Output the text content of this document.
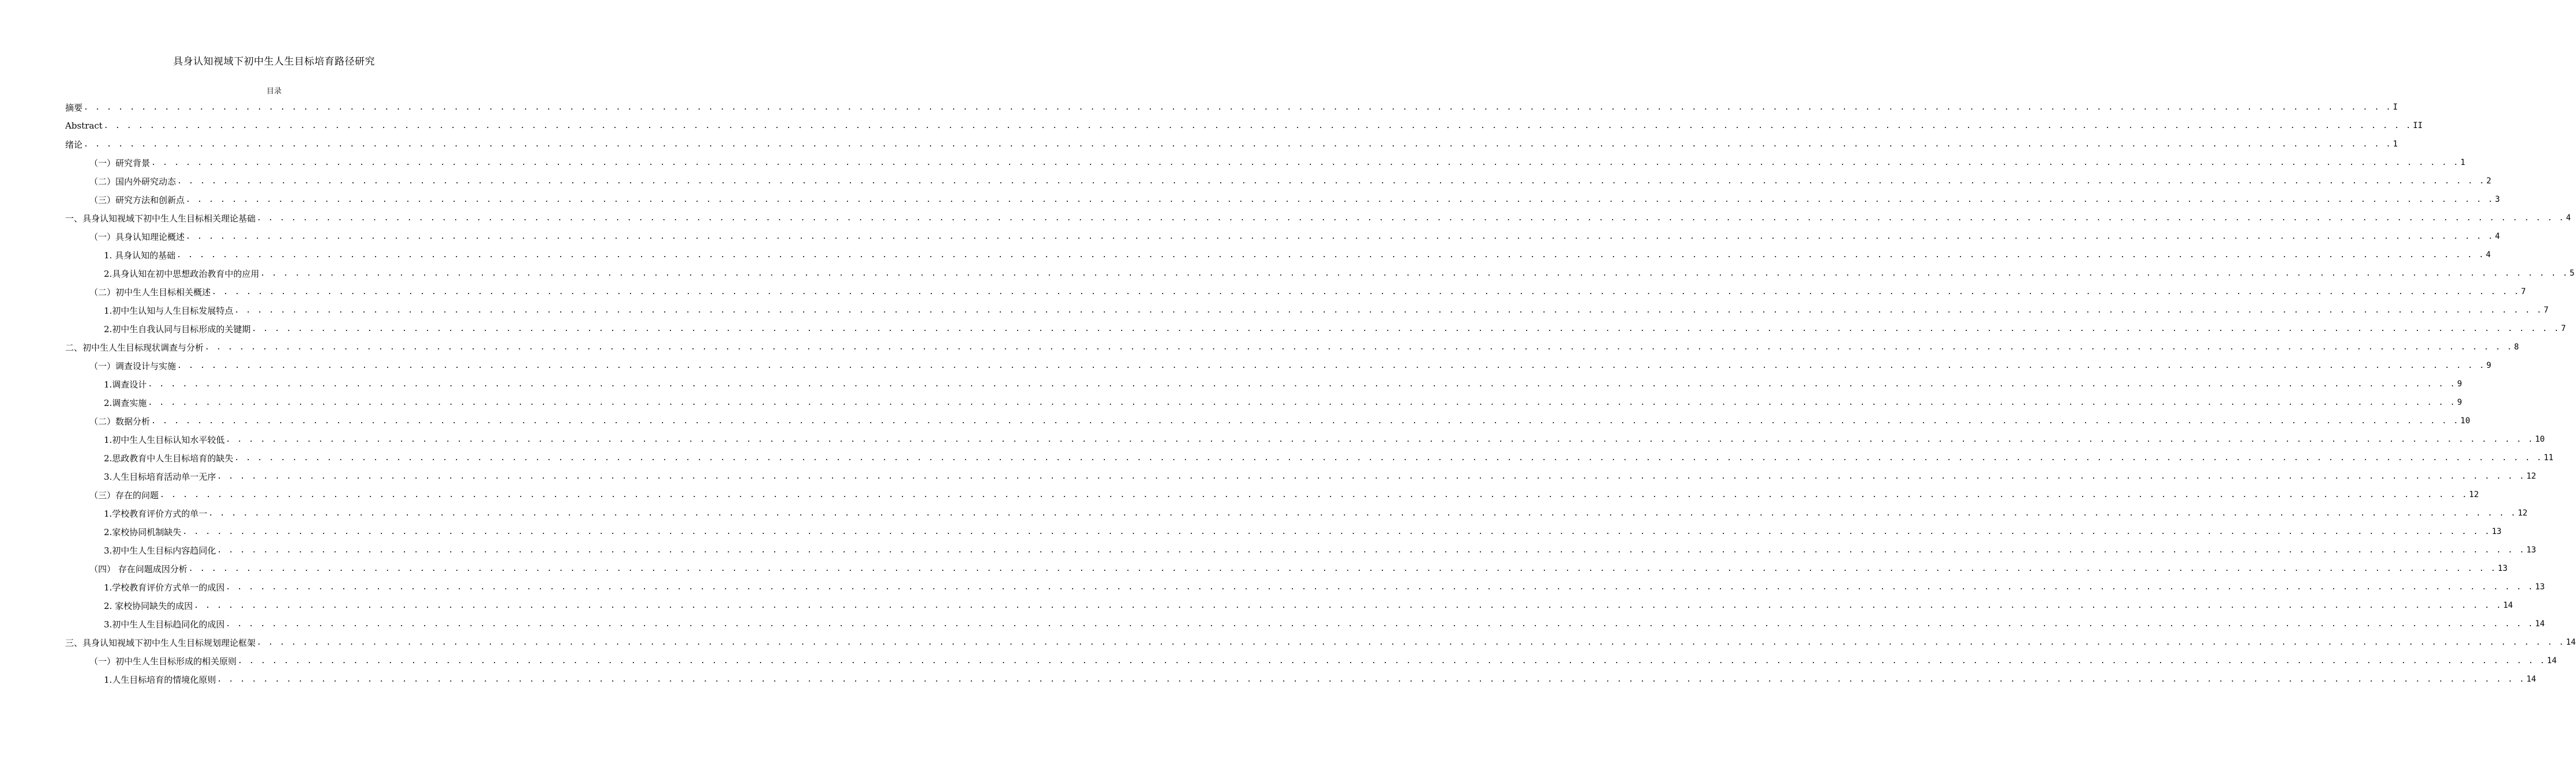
具身认知视域下初中生人生目标培育路径研究
目录
摘要 . . . . . . . . . . . . . . . . . . . . . . . . . . . . . . . . . . . . . . . . . . . . . . . . . . . . . . . . . . . . . . . . . . . . . . . . . . . . . . . . . . . . . . . . . . . . . . . . . . . . . . . . . . . . . . . . . . . . . . . . . . . . . . . . . . . . . . . . . . . . . . . . . . . . . . . . . . . . . . . . . . . . . . . . . . . . . . . . . . . . . . . . . . . . . . . . . . . . . . . . I
Abstract . . . . . . . . . . . . . . . . . . . . . . . . . . . . . . . . . . . . . . . . . . . . . . . . . . . . . . . . . . . . . . . . . . . . . . . . . . . . . . . . . . . . . . . . . . . . . . . . . . . . . . . . . . . . . . . . . . . . . . . . . . . . . . . . . . . . . . . . . . . . . . . . . . . . . . . . . . . . . . . . . . . . . . . . . . . . . . . . . . . . . . . . . . . . . . . . . . . . . . . . II
绪论 . . . . . . . . . . . . . . . . . . . . . . . . . . . . . . . . . . . . . . . . . . . . . . . . . . . . . . . . . . . . . . . . . . . . . . . . . . . . . . . . . . . . . . . . . . . . . . . . . . . . . . . . . . . . . . . . . . . . . . . . . . . . . . . . . . . . . . . . . . . . . . . . . . . . . . . . . . . . . . . . . . . . . . . . . . . . . . . . . . . . . . . . . . . . . . . . . . . . . . . . 1
（一）研究背景 . . . . . . . . . . . . . . . . . . . . . . . . . . . . . . . . . . . . . . . . . . . . . . . . . . . . . . . . . . . . . . . . . . . . . . . . . . . . . . . . . . . . . . . . . . . . . . . . . . . . . . . . . . . . . . . . . . . . . . . . . . . . . . . . . . . . . . . . . . . . . . . . . . . . . . . . . . . . . . . . . . . . . . . . . . . . . . . . . . . . . . . . . . . . . . . . . . . . . . . . 1
（二）国内外研究动态 . . . . . . . . . . . . . . . . . . . . . . . . . . . . . . . . . . . . . . . . . . . . . . . . . . . . . . . . . . . . . . . . . . . . . . . . . . . . . . . . . . . . . . . . . . . . . . . . . . . . . . . . . . . . . . . . . . . . . . . . . . . . . . . . . . . . . . . . . . . . . . . . . . . . . . . . . . . . . . . . . . . . . . . . . . . . . . . . . . . . . . . . . . . . . . . . . . . . . . . . 2
（三）研究方法和创新点 . . . . . . . . . . . . . . . . . . . . . . . . . . . . . . . . . . . . . . . . . . . . . . . . . . . . . . . . . . . . . . . . . . . . . . . . . . . . . . . . . . . . . . . . . . . . . . . . . . . . . . . . . . . . . . . . . . . . . . . . . . . . . . . . . . . . . . . . . . . . . . . . . . . . . . . . . . . . . . . . . . . . . . . . . . . . . . . . . . . . . . . . . . . . . . . . . . . . . . . . 3
一、具身认知视域下初中生人生目标相关理论基础 . . . . . . . . . . . . . . . . . . . . . . . . . . . . . . . . . . . . . . . . . . . . . . . . . . . . . . . . . . . . . . . . . . . . . . . . . . . . . . . . . . . . . . . . . . . . . . . . . . . . . . . . . . . . . . . . . . . . . . . . . . . . . . . . . . . . . . . . . . . . . . . . . . . . . . . . . . . . . . . . . . . . . . . . . . . . . . . . . . . . . . . . . . . . . . . . . . . . . . . . 4
（一）具身认知理论概述 . . . . . . . . . . . . . . . . . . . . . . . . . . . . . . . . . . . . . . . . . . . . . . . . . . . . . . . . . . . . . . . . . . . . . . . . . . . . . . . . . . . . . . . . . . . . . . . . . . . . . . . . . . . . . . . . . . . . . . . . . . . . . . . . . . . . . . . . . . . . . . . . . . . . . . . . . . . . . . . . . . . . . . . . . . . . . . . . . . . . . . . . . . . . . . . . . . . . . . . . 4
1. 具身认知的基础 . . . . . . . . . . . . . . . . . . . . . . . . . . . . . . . . . . . . . . . . . . . . . . . . . . . . . . . . . . . . . . . . . . . . . . . . . . . . . . . . . . . . . . . . . . . . . . . . . . . . . . . . . . . . . . . . . . . . . . . . . . . . . . . . . . . . . . . . . . . . . . . . . . . . . . . . . . . . . . . . . . . . . . . . . . . . . . . . . . . . . . . . . . . . . . . . . . . . . . . . 4
2.具身认知在初中思想政治教育中的应用 . . . . . . . . . . . . . . . . . . . . . . . . . . . . . . . . . . . . . . . . . . . . . . . . . . . . . . . . . . . . . . . . . . . . . . . . . . . . . . . . . . . . . . . . . . . . . . . . . . . . . . . . . . . . . . . . . . . . . . . . . . . . . . . . . . . . . . . . . . . . . . . . . . . . . . . . . . . . . . . . . . . . . . . . . . . . . . . . . . . . . . . . . . . . . . . . . . . . . . . . 5
（二）初中生人生目标相关概述 . . . . . . . . . . . . . . . . . . . . . . . . . . . . . . . . . . . . . . . . . . . . . . . . . . . . . . . . . . . . . . . . . . . . . . . . . . . . . . . . . . . . . . . . . . . . . . . . . . . . . . . . . . . . . . . . . . . . . . . . . . . . . . . . . . . . . . . . . . . . . . . . . . . . . . . . . . . . . . . . . . . . . . . . . . . . . . . . . . . . . . . . . . . . . . . . . . . . . . . . 7
1.初中生认知与人生目标发展特点 . . . . . . . . . . . . . . . . . . . . . . . . . . . . . . . . . . . . . . . . . . . . . . . . . . . . . . . . . . . . . . . . . . . . . . . . . . . . . . . . . . . . . . . . . . . . . . . . . . . . . . . . . . . . . . . . . . . . . . . . . . . . . . . . . . . . . . . . . . . . . . . . . . . . . . . . . . . . . . . . . . . . . . . . . . . . . . . . . . . . . . . . . . . . . . . . . . . . . . . . 7
2.初中生自我认同与目标形成的关键期 . . . . . . . . . . . . . . . . . . . . . . . . . . . . . . . . . . . . . . . . . . . . . . . . . . . . . . . . . . . . . . . . . . . . . . . . . . . . . . . . . . . . . . . . . . . . . . . . . . . . . . . . . . . . . . . . . . . . . . . . . . . . . . . . . . . . . . . . . . . . . . . . . . . . . . . . . . . . . . . . . . . . . . . . . . . . . . . . . . . . . . . . . . . . . . . . . . . . . . . . 7
二、初中生人生目标现状调查与分析 . . . . . . . . . . . . . . . . . . . . . . . . . . . . . . . . . . . . . . . . . . . . . . . . . . . . . . . . . . . . . . . . . . . . . . . . . . . . . . . . . . . . . . . . . . . . . . . . . . . . . . . . . . . . . . . . . . . . . . . . . . . . . . . . . . . . . . . . . . . . . . . . . . . . . . . . . . . . . . . . . . . . . . . . . . . . . . . . . . . . . . . . . . . . . . . . . . . . . . . . 8
（一）调查设计与实施 . . . . . . . . . . . . . . . . . . . . . . . . . . . . . . . . . . . . . . . . . . . . . . . . . . . . . . . . . . . . . . . . . . . . . . . . . . . . . . . . . . . . . . . . . . . . . . . . . . . . . . . . . . . . . . . . . . . . . . . . . . . . . . . . . . . . . . . . . . . . . . . . . . . . . . . . . . . . . . . . . . . . . . . . . . . . . . . . . . . . . . . . . . . . . . . . . . . . . . . . 9
1.调查设计 . . . . . . . . . . . . . . . . . . . . . . . . . . . . . . . . . . . . . . . . . . . . . . . . . . . . . . . . . . . . . . . . . . . . . . . . . . . . . . . . . . . . . . . . . . . . . . . . . . . . . . . . . . . . . . . . . . . . . . . . . . . . . . . . . . . . . . . . . . . . . . . . . . . . . . . . . . . . . . . . . . . . . . . . . . . . . . . . . . . . . . . . . . . . . . . . . . . . . . . . 9
2.调查实施 . . . . . . . . . . . . . . . . . . . . . . . . . . . . . . . . . . . . . . . . . . . . . . . . . . . . . . . . . . . . . . . . . . . . . . . . . . . . . . . . . . . . . . . . . . . . . . . . . . . . . . . . . . . . . . . . . . . . . . . . . . . . . . . . . . . . . . . . . . . . . . . . . . . . . . . . . . . . . . . . . . . . . . . . . . . . . . . . . . . . . . . . . . . . . . . . . . . . . . . . 9
（二）数据分析 . . . . . . . . . . . . . . . . . . . . . . . . . . . . . . . . . . . . . . . . . . . . . . . . . . . . . . . . . . . . . . . . . . . . . . . . . . . . . . . . . . . . . . . . . . . . . . . . . . . . . . . . . . . . . . . . . . . . . . . . . . . . . . . . . . . . . . . . . . . . . . . . . . . . . . . . . . . . . . . . . . . . . . . . . . . . . . . . . . . . . . . . . . . . . . . . . . . . . . . . 10
1.初中生人生目标认知水平较低 . . . . . . . . . . . . . . . . . . . . . . . . . . . . . . . . . . . . . . . . . . . . . . . . . . . . . . . . . . . . . . . . . . . . . . . . . . . . . . . . . . . . . . . . . . . . . . . . . . . . . . . . . . . . . . . . . . . . . . . . . . . . . . . . . . . . . . . . . . . . . . . . . . . . . . . . . . . . . . . . . . . . . . . . . . . . . . . . . . . . . . . . . . . . . . . . . . . . . . . . 10
2.思政教育中人生目标培育的缺失 . . . . . . . . . . . . . . . . . . . . . . . . . . . . . . . . . . . . . . . . . . . . . . . . . . . . . . . . . . . . . . . . . . . . . . . . . . . . . . . . . . . . . . . . . . . . . . . . . . . . . . . . . . . . . . . . . . . . . . . . . . . . . . . . . . . . . . . . . . . . . . . . . . . . . . . . . . . . . . . . . . . . . . . . . . . . . . . . . . . . . . . . . . . . . . . . . . . . . . . . 11
3.人生目标培育活动单一无序 . . . . . . . . . . . . . . . . . . . . . . . . . . . . . . . . . . . . . . . . . . . . . . . . . . . . . . . . . . . . . . . . . . . . . . . . . . . . . . . . . . . . . . . . . . . . . . . . . . . . . . . . . . . . . . . . . . . . . . . . . . . . . . . . . . . . . . . . . . . . . . . . . . . . . . . . . . . . . . . . . . . . . . . . . . . . . . . . . . . . . . . . . . . . . . . . . . . . . . . . 12
（三）存在的问题 . . . . . . . . . . . . . . . . . . . . . . . . . . . . . . . . . . . . . . . . . . . . . . . . . . . . . . . . . . . . . . . . . . . . . . . . . . . . . . . . . . . . . . . . . . . . . . . . . . . . . . . . . . . . . . . . . . . . . . . . . . . . . . . . . . . . . . . . . . . . . . . . . . . . . . . . . . . . . . . . . . . . . . . . . . . . . . . . . . . . . . . . . . . . . . . . . . . . . . . . 12
1.学校教育评价方式的单一 . . . . . . . . . . . . . . . . . . . . . . . . . . . . . . . . . . . . . . . . . . . . . . . . . . . . . . . . . . . . . . . . . . . . . . . . . . . . . . . . . . . . . . . . . . . . . . . . . . . . . . . . . . . . . . . . . . . . . . . . . . . . . . . . . . . . . . . . . . . . . . . . . . . . . . . . . . . . . . . . . . . . . . . . . . . . . . . . . . . . . . . . . . . . . . . . . . . . . . . . 12
2.家校协同机制缺失 . . . . . . . . . . . . . . . . . . . . . . . . . . . . . . . . . . . . . . . . . . . . . . . . . . . . . . . . . . . . . . . . . . . . . . . . . . . . . . . . . . . . . . . . . . . . . . . . . . . . . . . . . . . . . . . . . . . . . . . . . . . . . . . . . . . . . . . . . . . . . . . . . . . . . . . . . . . . . . . . . . . . . . . . . . . . . . . . . . . . . . . . . . . . . . . . . . . . . . . . 13
3.初中生人生目标内容趋同化 . . . . . . . . . . . . . . . . . . . . . . . . . . . . . . . . . . . . . . . . . . . . . . . . . . . . . . . . . . . . . . . . . . . . . . . . . . . . . . . . . . . . . . . . . . . . . . . . . . . . . . . . . . . . . . . . . . . . . . . . . . . . . . . . . . . . . . . . . . . . . . . . . . . . . . . . . . . . . . . . . . . . . . . . . . . . . . . . . . . . . . . . . . . . . . . . . . . . . . . . 13
（四） 存在问题成因分析 . . . . . . . . . . . . . . . . . . . . . . . . . . . . . . . . . . . . . . . . . . . . . . . . . . . . . . . . . . . . . . . . . . . . . . . . . . . . . . . . . . . . . . . . . . . . . . . . . . . . . . . . . . . . . . . . . . . . . . . . . . . . . . . . . . . . . . . . . . . . . . . . . . . . . . . . . . . . . . . . . . . . . . . . . . . . . . . . . . . . . . . . . . . . . . . . . . . . . . . . 13
1.学校教育评价方式单一的成因 . . . . . . . . . . . . . . . . . . . . . . . . . . . . . . . . . . . . . . . . . . . . . . . . . . . . . . . . . . . . . . . . . . . . . . . . . . . . . . . . . . . . . . . . . . . . . . . . . . . . . . . . . . . . . . . . . . . . . . . . . . . . . . . . . . . . . . . . . . . . . . . . . . . . . . . . . . . . . . . . . . . . . . . . . . . . . . . . . . . . . . . . . . . . . . . . . . . . . . . . 13
2. 家校协同缺失的成因 . . . . . . . . . . . . . . . . . . . . . . . . . . . . . . . . . . . . . . . . . . . . . . . . . . . . . . . . . . . . . . . . . . . . . . . . . . . . . . . . . . . . . . . . . . . . . . . . . . . . . . . . . . . . . . . . . . . . . . . . . . . . . . . . . . . . . . . . . . . . . . . . . . . . . . . . . . . . . . . . . . . . . . . . . . . . . . . . . . . . . . . . . . . . . . . . . . . . . . . . 14
3.初中生人生目标趋同化的成因 . . . . . . . . . . . . . . . . . . . . . . . . . . . . . . . . . . . . . . . . . . . . . . . . . . . . . . . . . . . . . . . . . . . . . . . . . . . . . . . . . . . . . . . . . . . . . . . . . . . . . . . . . . . . . . . . . . . . . . . . . . . . . . . . . . . . . . . . . . . . . . . . . . . . . . . . . . . . . . . . . . . . . . . . . . . . . . . . . . . . . . . . . . . . . . . . . . . . . . . . 14
三、具身认知视域下初中生人生目标规划理论框架 . . . . . . . . . . . . . . . . . . . . . . . . . . . . . . . . . . . . . . . . . . . . . . . . . . . . . . . . . . . . . . . . . . . . . . . . . . . . . . . . . . . . . . . . . . . . . . . . . . . . . . . . . . . . . . . . . . . . . . . . . . . . . . . . . . . . . . . . . . . . . . . . . . . . . . . . . . . . . . . . . . . . . . . . . . . . . . . . . . . . . . . . . . . . . . . . . . . . . . . . 14
（一）初中生人生目标形成的相关原则 . . . . . . . . . . . . . . . . . . . . . . . . . . . . . . . . . . . . . . . . . . . . . . . . . . . . . . . . . . . . . . . . . . . . . . . . . . . . . . . . . . . . . . . . . . . . . . . . . . . . . . . . . . . . . . . . . . . . . . . . . . . . . . . . . . . . . . . . . . . . . . . . . . . . . . . . . . . . . . . . . . . . . . . . . . . . . . . . . . . . . . . . . . . . . . . . . . . . . . . . 14
1.人生目标培育的情境化原则 . . . . . . . . . . . . . . . . . . . . . . . . . . . . . . . . . . . . . . . . . . . . . . . . . . . . . . . . . . . . . . . . . . . . . . . . . . . . . . . . . . . . . . . . . . . . . . . . . . . . . . . . . . . . . . . . . . . . . . . . . . . . . . . . . . . . . . . . . . . . . . . . . . . . . . . . . . . . . . . . . . . . . . . . . . . . . . . . . . . . . . . . . . . . . . . . . . . . . . . . 14
